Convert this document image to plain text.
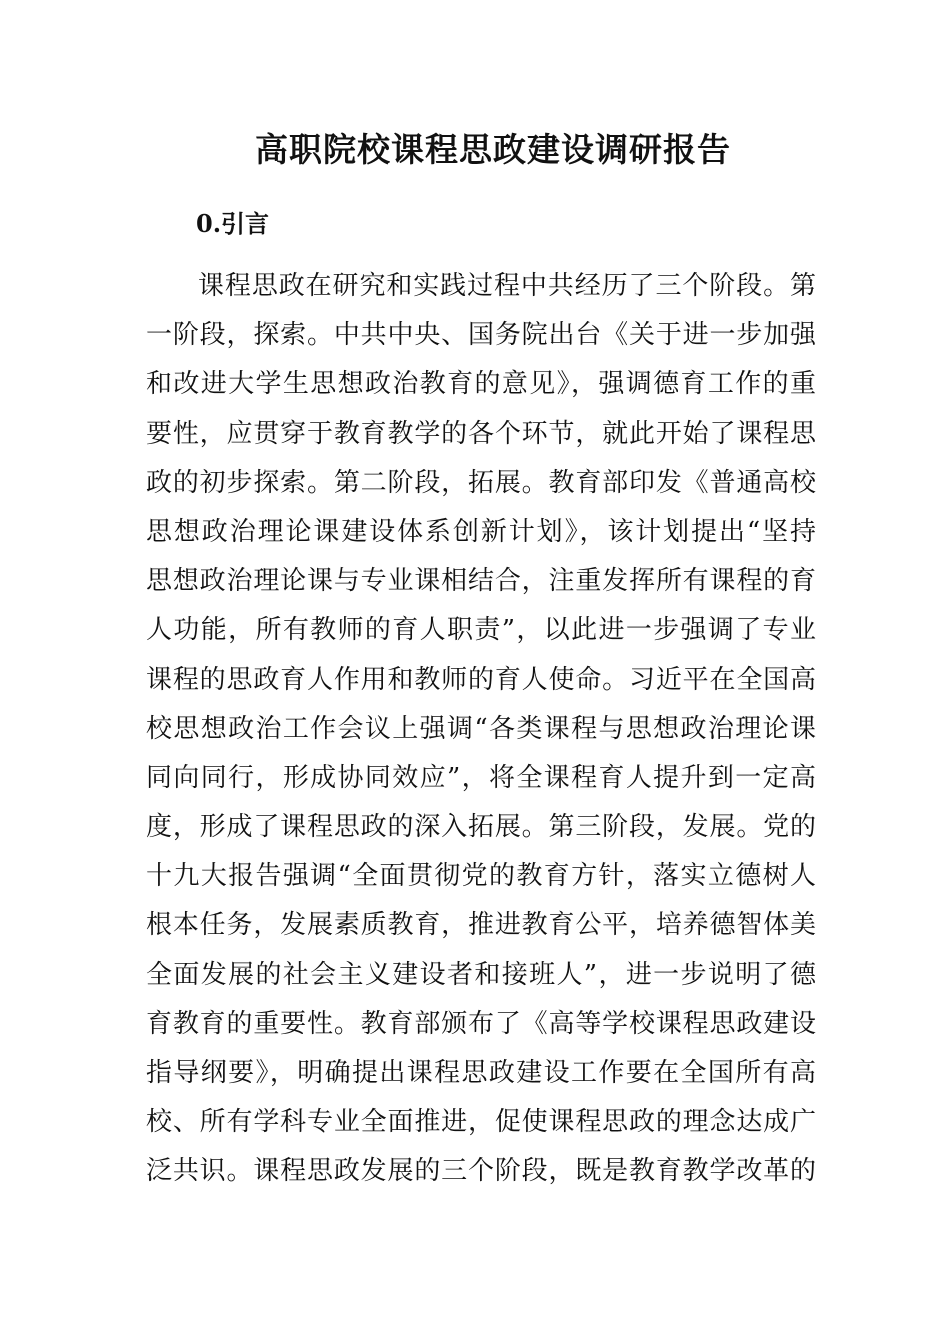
高职院校课程思政建设调研报告
0.引言
课程思政在研究和实践过程中共经历了三个阶段。第
一阶段，探索。中共中央、国务院出台《关于进一步加强
和改进大学生思想政治教育的意见》，强调德育工作的重
要性，应贯穿于教育教学的各个环节，就此开始了课程思
政的初步探索。第二阶段，拓展。教育部印发《普通高校
思想政治理论课建设体系创新计划》，该计划提出“坚持
思想政治理论课与专业课相结合，注重发挥所有课程的育
人功能，所有教师的育人职责”，以此进一步强调了专业
课程的思政育人作用和教师的育人使命。习近平在全国高
校思想政治工作会议上强调“各类课程与思想政治理论课
同向同行，形成协同效应”，将全课程育人提升到一定高
度，形成了课程思政的深入拓展。第三阶段，发展。党的
十九大报告强调“全面贯彻党的教育方针，落实立德树人
根本任务，发展素质教育，推进教育公平，培养德智体美
全面发展的社会主义建设者和接班人”，进一步说明了德
育教育的重要性。教育部颁布了《高等学校课程思政建设
指导纲要》，明确提出课程思政建设工作要在全国所有高
校、所有学科专业全面推进，促使课程思政的理念达成广
泛共识。课程思政发展的三个阶段，既是教育教学改革的
